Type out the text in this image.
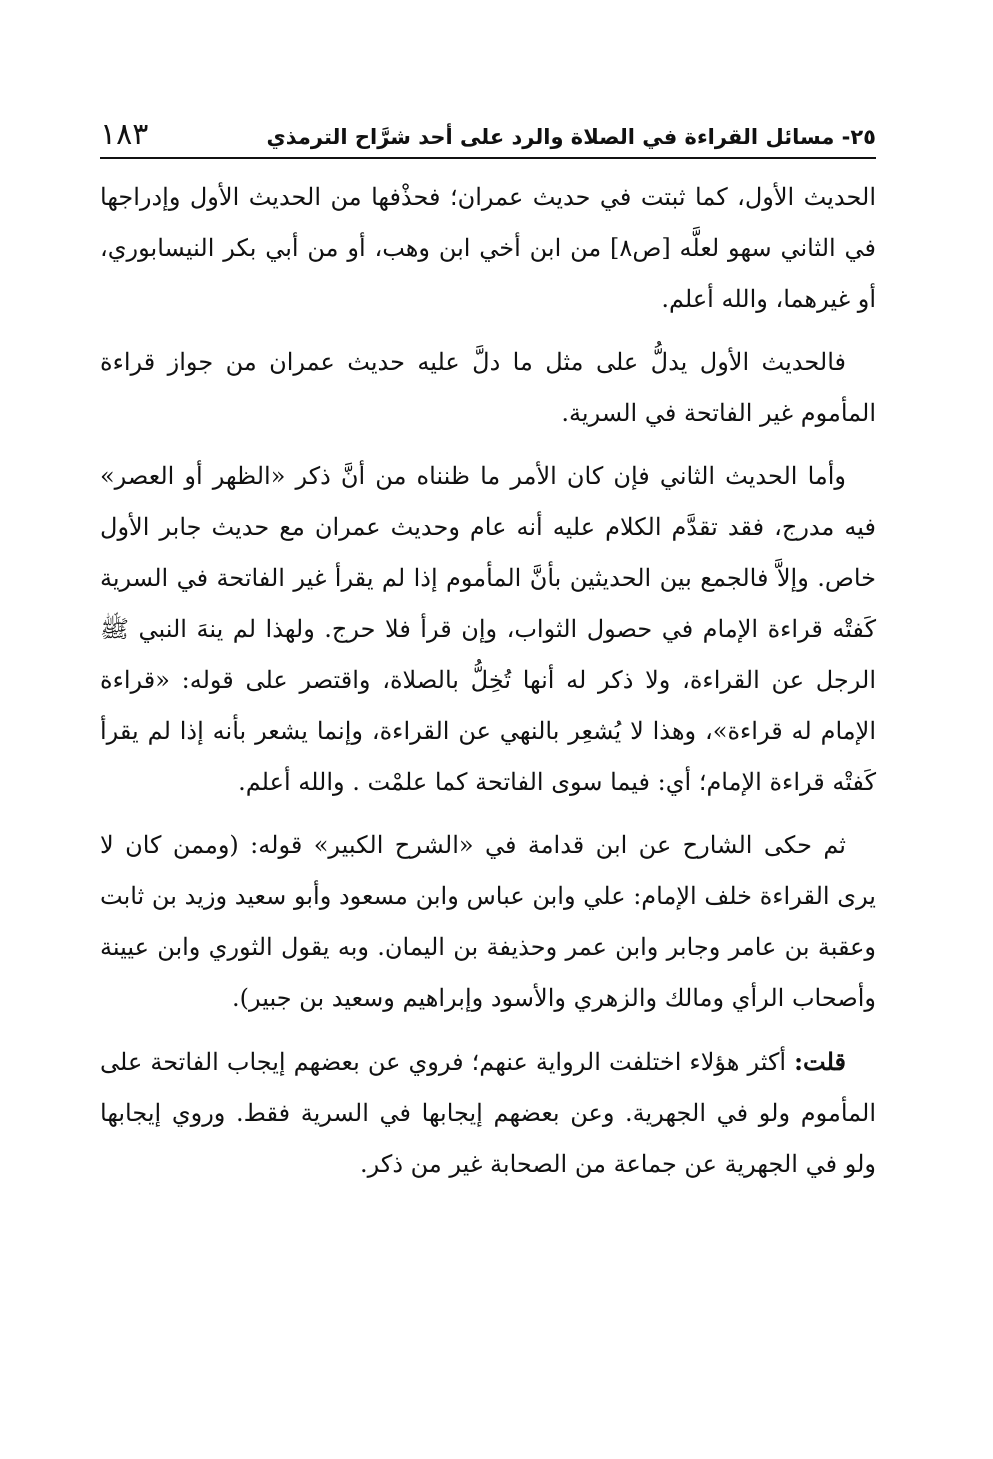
٢٥- مسائل القراءة في الصلاة والرد على أحد شرَّاح الترمذي
١٨٣

الحديث الأول، كما ثبتت في حديث عمران؛ فحذْفها من الحديث الأول وإدراجها في الثاني سهو لعلَّه [ص٨] من ابن أخي ابن وهب، أو من أبي بكر النيسابوري، أو غيرهما، والله أعلم.

فالحديث الأول يدلُّ على مثل ما دلَّ عليه حديث عمران من جواز قراءة المأموم غير الفاتحة في السرية.

وأما الحديث الثاني فإن كان الأمر ما ظنناه من أنَّ ذكر «الظهر أو العصر» فيه مدرج، فقد تقدَّم الكلام عليه أنه عام وحديث عمران مع حديث جابر الأول خاص. وإلاَّ فالجمع بين الحديثين بأنَّ المأموم إذا لم يقرأ غير الفاتحة في السرية كَفتْه قراءة الإمام في حصول الثواب، وإن قرأ فلا حرج. ولهذا لم ينهَ النبي ﷺ الرجل عن القراءة، ولا ذكر له أنها تُخِلُّ بالصلاة، واقتصر على قوله: «قراءة الإمام له قراءة»، وهذا لا يُشعِر بالنهي عن القراءة، وإنما يشعر بأنه إذا لم يقرأ كَفتْه قراءة الإمام؛ أي: فيما سوى الفاتحة كما علمْت . والله أعلم.

ثم حكى الشارح عن ابن قدامة في «الشرح الكبير» قوله: (وممن كان لا يرى القراءة خلف الإمام: علي وابن عباس وابن مسعود وأبو سعيد وزيد بن ثابت وعقبة بن عامر وجابر وابن عمر وحذيفة بن اليمان. وبه يقول الثوري وابن عيينة وأصحاب الرأي ومالك والزهري والأسود وإبراهيم وسعيد بن جبير).

قلت: أكثر هؤلاء اختلفت الرواية عنهم؛ فروي عن بعضهم إيجاب الفاتحة على المأموم ولو في الجهرية. وعن بعضهم إيجابها في السرية فقط. وروي إيجابها ولو في الجهرية عن جماعة من الصحابة غير من ذكر.
